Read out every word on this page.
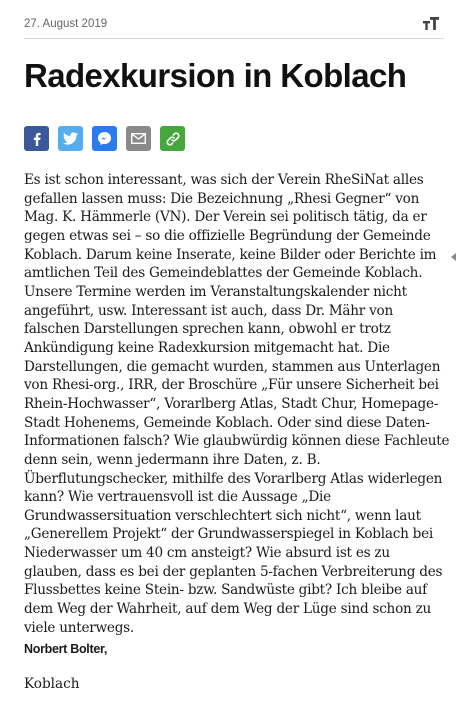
27. August 2019
Radexkursion in Koblach

Es ist schon interessant, was sich der Verein RheSiNat alles gefallen lassen muss: Die Bezeichnung „Rhesi Gegner“ von Mag. K. Hämmerle (VN). Der Verein sei politisch tätig, da er gegen etwas sei – so die offizielle Begründung der Gemeinde Koblach. Darum keine Inserate, keine Bilder oder Berichte im amtlichen Teil des Gemeindeblattes der Gemeinde Koblach. Unsere Termine werden im Veranstaltungskalender nicht angeführt, usw. Interessant ist auch, dass Dr. Mähr von falschen Darstellungen sprechen kann, obwohl er trotz Ankündigung keine Radexkursion mitgemacht hat. Die Darstellungen, die gemacht wurden, stammen aus Unterlagen von Rhesi-org., IRR, der Broschüre „Für unsere Sicherheit bei Rhein-Hochwasser“, Vorarlberg Atlas, Stadt Chur, Homepage-Stadt Hohenems, Gemeinde Koblach. Oder sind diese Daten-Informationen falsch? Wie glaubwürdig können diese Fachleute denn sein, wenn jedermann ihre Daten, z. B. Überflutungschecker, mithilfe des Vorarlberg Atlas widerlegen kann? Wie vertrauensvoll ist die Aussage „Die Grundwassersituation verschlechtert sich nicht“, wenn laut „Generellem Projekt“ der Grundwasserspiegel in Koblach bei Niederwasser um 40 cm ansteigt? Wie absurd ist es zu glauben, dass es bei der geplanten 5-fachen Verbreiterung des Flussbettes keine Stein- bzw. Sandwüste gibt? Ich bleibe auf dem Weg der Wahrheit, auf dem Weg der Lüge sind schon zu viele unterwegs.

Norbert Bolter,

Koblach
